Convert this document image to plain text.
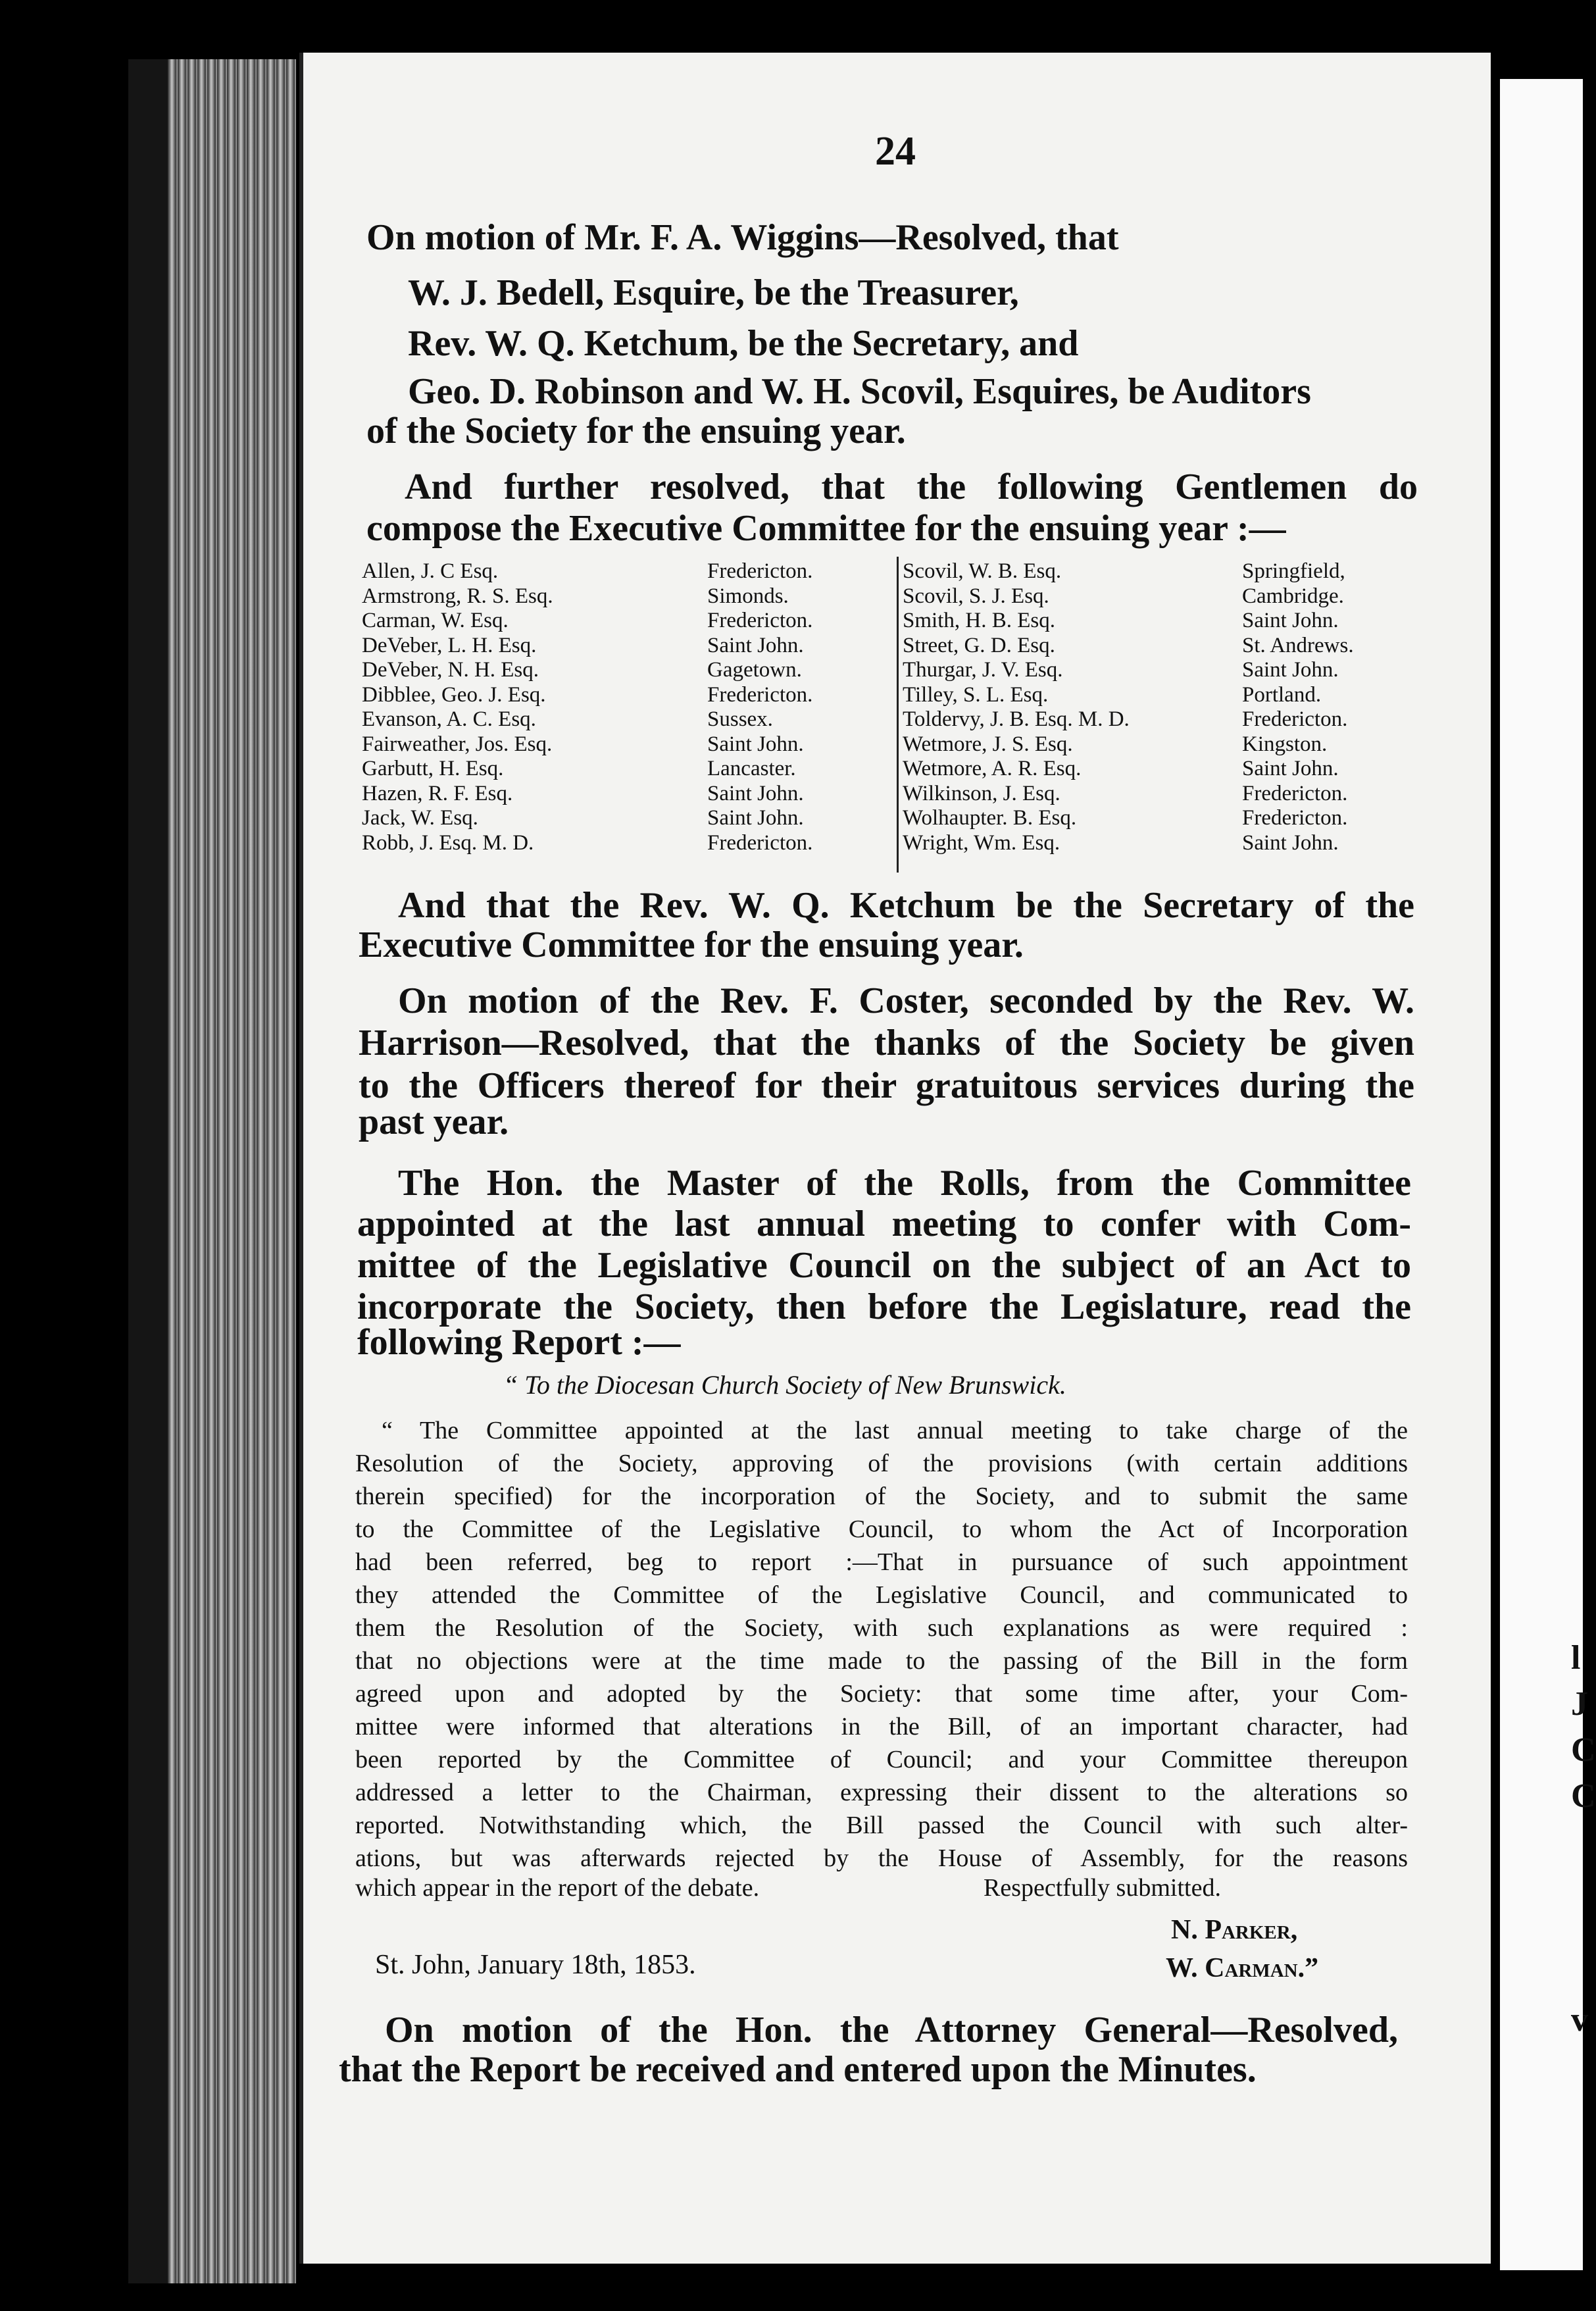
l
J
C
C
v
24
On motion of Mr. F. A. Wiggins—Resolved, that
W. J. Bedell, Esquire, be the Treasurer,
Rev. W. Q. Ketchum, be the Secretary, and
Geo. D. Robinson and W. H. Scovil, Esquires, be Auditors
of the Society for the ensuing year.
And further resolved, that the following Gentlemen do
compose the Executive Committee for the ensuing year :—
Allen, J. C Esq.
Armstrong, R. S. Esq.
Carman, W. Esq.
DeVeber, L. H. Esq.
DeVeber, N. H. Esq.
Dibblee, Geo. J. Esq.
Evanson, A. C. Esq.
Fairweather, Jos. Esq.
Garbutt, H. Esq.
Hazen, R. F. Esq.
Jack, W. Esq.
Robb, J. Esq. M. D.
Fredericton.
Simonds.
Fredericton.
Saint John.
Gagetown.
Fredericton.
Sussex.
Saint John.
Lancaster.
Saint John.
Saint John.
Fredericton.
Scovil, W. B. Esq.
Scovil, S. J. Esq.
Smith, H. B. Esq.
Street, G. D. Esq.
Thurgar, J. V. Esq.
Tilley, S. L. Esq.
Toldervy, J. B. Esq. M. D.
Wetmore, J. S. Esq.
Wetmore, A. R. Esq.
Wilkinson, J. Esq.
Wolhaupter. B. Esq.
Wright, Wm. Esq.
Springfield,
Cambridge.
Saint John.
St. Andrews.
Saint John.
Portland.
Fredericton.
Kingston.
Saint John.
Fredericton.
Fredericton.
Saint John.
And that the Rev. W. Q. Ketchum be the Secretary of the
Executive Committee for the ensuing year.
On motion of the Rev. F. Coster, seconded by the Rev. W.
Harrison—Resolved, that the thanks of the Society be given
to the Officers thereof for their gratuitous services during the
past year.
The Hon. the Master of the Rolls, from the Committee
appointed at the last annual meeting to confer with Com-
mittee of the Legislative Council on the subject of an Act to
incorporate the Society, then before the Legislature, read the
following Report :—
“ To the Diocesan Church Society of New Brunswick.
“ The Committee appointed at the last annual meeting to take charge of the
Resolution of the Society, approving of the provisions (with certain additions
therein specified) for the incorporation of the Society, and to submit the same
to the Committee of the Legislative Council, to whom the Act of Incorporation
had been referred, beg to report :—That in pursuance of such appointment
they attended the Committee of the Legislative Council, and communicated to
them the Resolution of the Society, with such explanations as were required :
that no objections were at the time made to the passing of the Bill in the form
agreed upon and adopted by the Society: that some time after, your Com-
mittee were informed that alterations in the Bill, of an important character, had
been reported by the Committee of Council; and your Committee thereupon
addressed a letter to the Chairman, expressing their dissent to the alterations so
reported. Notwithstanding which, the Bill passed the Council with such alter-
ations, but was afterwards rejected by the House of Assembly, for the reasons
which appear in the report of the debate.	Respectfully submitted.
N. Parker,
St. John, January 18th, 1853.	W. Carman.”
On motion of the Hon. the Attorney General—Resolved,
that the Report be received and entered upon the Minutes.
